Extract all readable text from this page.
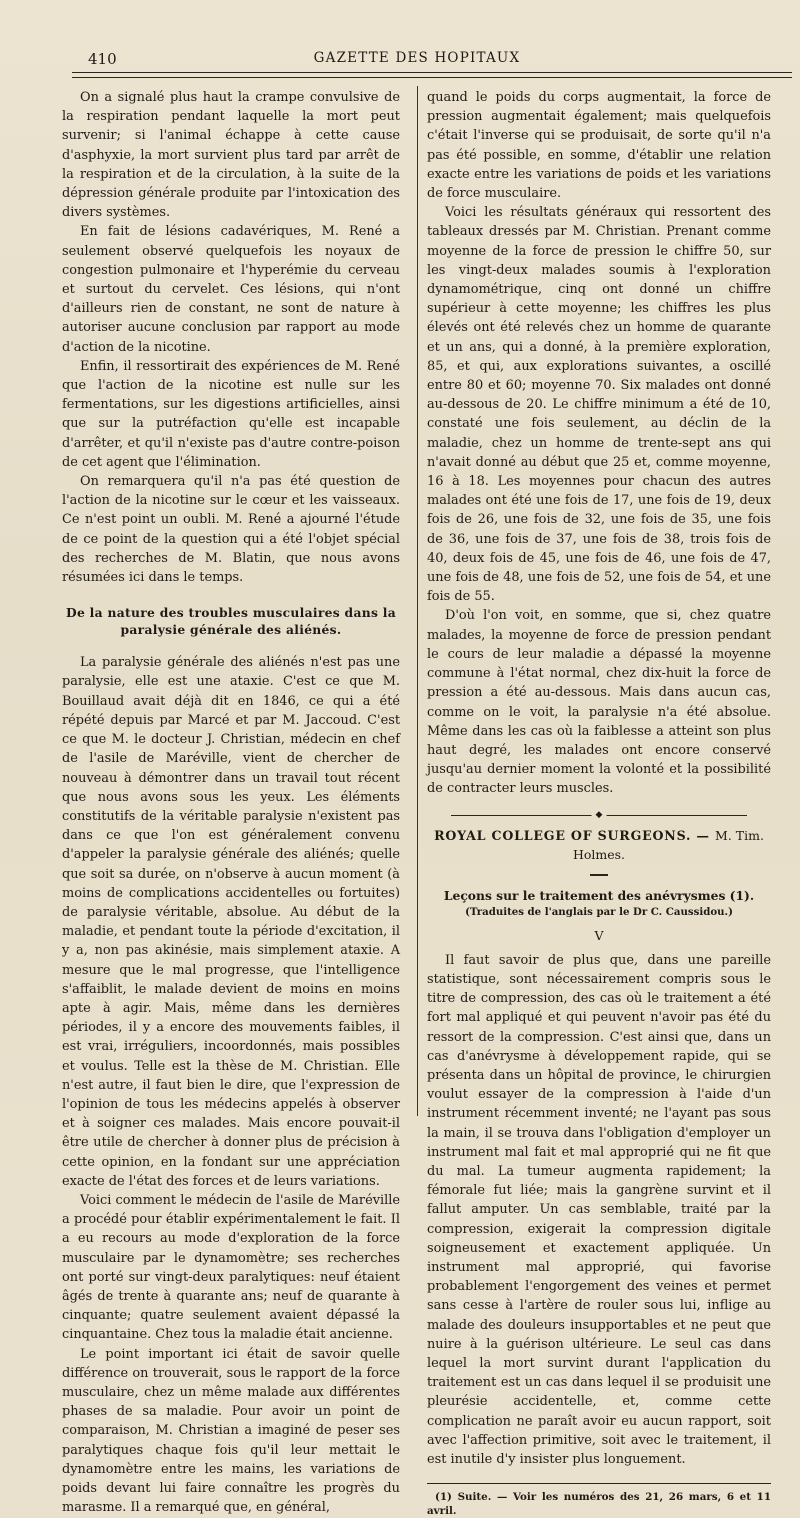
410	GAZETTE DES HOPITAUX

On a signalé plus haut la crampe convulsive de la respiration pendant laquelle la mort peut survenir; si l'animal échappe à cette cause d'asphyxie, la mort survient plus tard par arrêt de la respiration et de la circulation, à la suite de la dépression générale produite par l'intoxication des divers systèmes.

En fait de lésions cadavériques, M. René a seulement observé quelquefois les noyaux de congestion pulmonaire et l'hyperémie du cerveau et surtout du cervelet. Ces lésions, qui n'ont d'ailleurs rien de constant, ne sont de nature à autoriser aucune conclusion par rapport au mode d'action de la nicotine.

Enfin, il ressortirait des expériences de M. René que l'action de la nicotine est nulle sur les fermentations, sur les digestions artificielles, ainsi que sur la putréfaction qu'elle est incapable d'arrêter, et qu'il n'existe pas d'autre contre-poison de cet agent que l'élimination.

On remarquera qu'il n'a pas été question de l'action de la nicotine sur le cœur et les vaisseaux. Ce n'est point un oubli. M. René a ajourné l'étude de ce point de la question qui a été l'objet spécial des recherches de M. Blatin, que nous avons résumées ici dans le temps.

De la nature des troubles musculaires dans la paralysie générale des aliénés.

La paralysie générale des aliénés n'est pas une paralysie, elle est une ataxie. C'est ce que M. Bouillaud avait déjà dit en 1846, ce qui a été répété depuis par Marcé et par M. Jaccoud. C'est ce que M. le docteur J. Christian, médecin en chef de l'asile de Maréville, vient de chercher de nouveau à démontrer dans un travail tout récent que nous avons sous les yeux. Les éléments constitutifs de la véritable paralysie n'existent pas dans ce que l'on est généralement convenu d'appeler la paralysie générale des aliénés; quelle que soit sa durée, on n'observe à aucun moment (à moins de complications accidentelles ou fortuites) de paralysie véritable, absolue. Au début de la maladie, et pendant toute la période d'excitation, il y a, non pas akinésie, mais simplement ataxie. A mesure que le mal progresse, que l'intelligence s'affaiblit, le malade devient de moins en moins apte à agir. Mais, même dans les dernières périodes, il y a encore des mouvements faibles, il est vrai, irréguliers, incoordonnés, mais possibles et voulus. Telle est la thèse de M. Christian. Elle n'est autre, il faut bien le dire, que l'expression de l'opinion de tous les médecins appelés à observer et à soigner ces malades. Mais encore pouvait-il être utile de chercher à donner plus de précision à cette opinion, en la fondant sur une appréciation exacte de l'état des forces et de leurs variations.

Voici comment le médecin de l'asile de Maréville a procédé pour établir expérimentalement le fait. Il a eu recours au mode d'exploration de la force musculaire par le dynamomètre; ses recherches ont porté sur vingt-deux paralytiques: neuf étaient âgés de trente à quarante ans; neuf de quarante à cinquante; quatre seulement avaient dépassé la cinquantaine. Chez tous la maladie était ancienne.

Le point important ici était de savoir quelle différence on trouverait, sous le rapport de la force musculaire, chez un même malade aux différentes phases de sa maladie. Pour avoir un point de comparaison, M. Christian a imaginé de peser ses paralytiques chaque fois qu'il leur mettait le dynamomètre entre les mains, les variations de poids devant lui faire connaître les progrès du marasme. Il a remarqué que, en général,

quand le poids du corps augmentait, la force de pression augmentait également; mais quelquefois c'était l'inverse qui se produisait, de sorte qu'il n'a pas été possible, en somme, d'établir une relation exacte entre les variations de poids et les variations de force musculaire.

Voici les résultats généraux qui ressortent des tableaux dressés par M. Christian. Prenant comme moyenne de la force de pression le chiffre 50, sur les vingt-deux malades soumis à l'exploration dynamométrique, cinq ont donné un chiffre supérieur à cette moyenne; les chiffres les plus élevés ont été relevés chez un homme de quarante et un ans, qui a donné, à la première exploration, 85, et qui, aux explorations suivantes, a oscillé entre 80 et 60; moyenne 70. Six malades ont donné au-dessous de 20. Le chiffre minimum a été de 10, constaté une fois seulement, au déclin de la maladie, chez un homme de trente-sept ans qui n'avait donné au début que 25 et, comme moyenne, 16 à 18. Les moyennes pour chacun des autres malades ont été une fois de 17, une fois de 19, deux fois de 26, une fois de 32, une fois de 35, une fois de 36, une fois de 37, une fois de 38, trois fois de 40, deux fois de 45, une fois de 46, une fois de 47, une fois de 48, une fois de 52, une fois de 54, et une fois de 55.

D'où l'on voit, en somme, que si, chez quatre malades, la moyenne de force de pression pendant le cours de leur maladie a dépassé la moyenne commune à l'état normal, chez dix-huit la force de pression a été au-dessous. Mais dans aucun cas, comme on le voit, la paralysie n'a été absolue. Même dans les cas où la faiblesse a atteint son plus haut degré, les malades ont encore conservé jusqu'au dernier moment la volonté et la possibilité de contracter leurs muscles.

◆
ROYAL COLLEGE OF SURGEONS. — M. Tim. Holmes.
Leçons sur le traitement des anévrysmes (1).
(Traduites de l'anglais par le Dr C. Caussidou.)
V

Il faut savoir de plus que, dans une pareille statistique, sont nécessairement compris sous le titre de compression, des cas où le traitement a été fort mal appliqué et qui peuvent n'avoir pas été du ressort de la compression. C'est ainsi que, dans un cas d'anévrysme à développement rapide, qui se présenta dans un hôpital de province, le chirurgien voulut essayer de la compression à l'aide d'un instrument récemment inventé; ne l'ayant pas sous la main, il se trouva dans l'obligation d'employer un instrument mal fait et mal approprié qui ne fit que du mal. La tumeur augmenta rapidement; la fémorale fut liée; mais la gangrène survint et il fallut amputer. Un cas semblable, traité par la compression, exigerait la compression digitale soigneusement et exactement appliquée. Un instrument mal approprié, qui favorise probablement l'engorgement des veines et permet sans cesse à l'artère de rouler sous lui, inflige au malade des douleurs insupportables et ne peut que nuire à la guérison ultérieure. Le seul cas dans lequel la mort survint durant l'application du traitement est un cas dans lequel il se produisit une pleurésie accidentelle, et, comme cette complication ne paraît avoir eu aucun rapport, soit avec l'affection primitive, soit avec le traitement, il est inutile d'y insister plus longuement.

(1) Suite. — Voir les numéros des 21, 26 mars, 6 et 11 avril.
